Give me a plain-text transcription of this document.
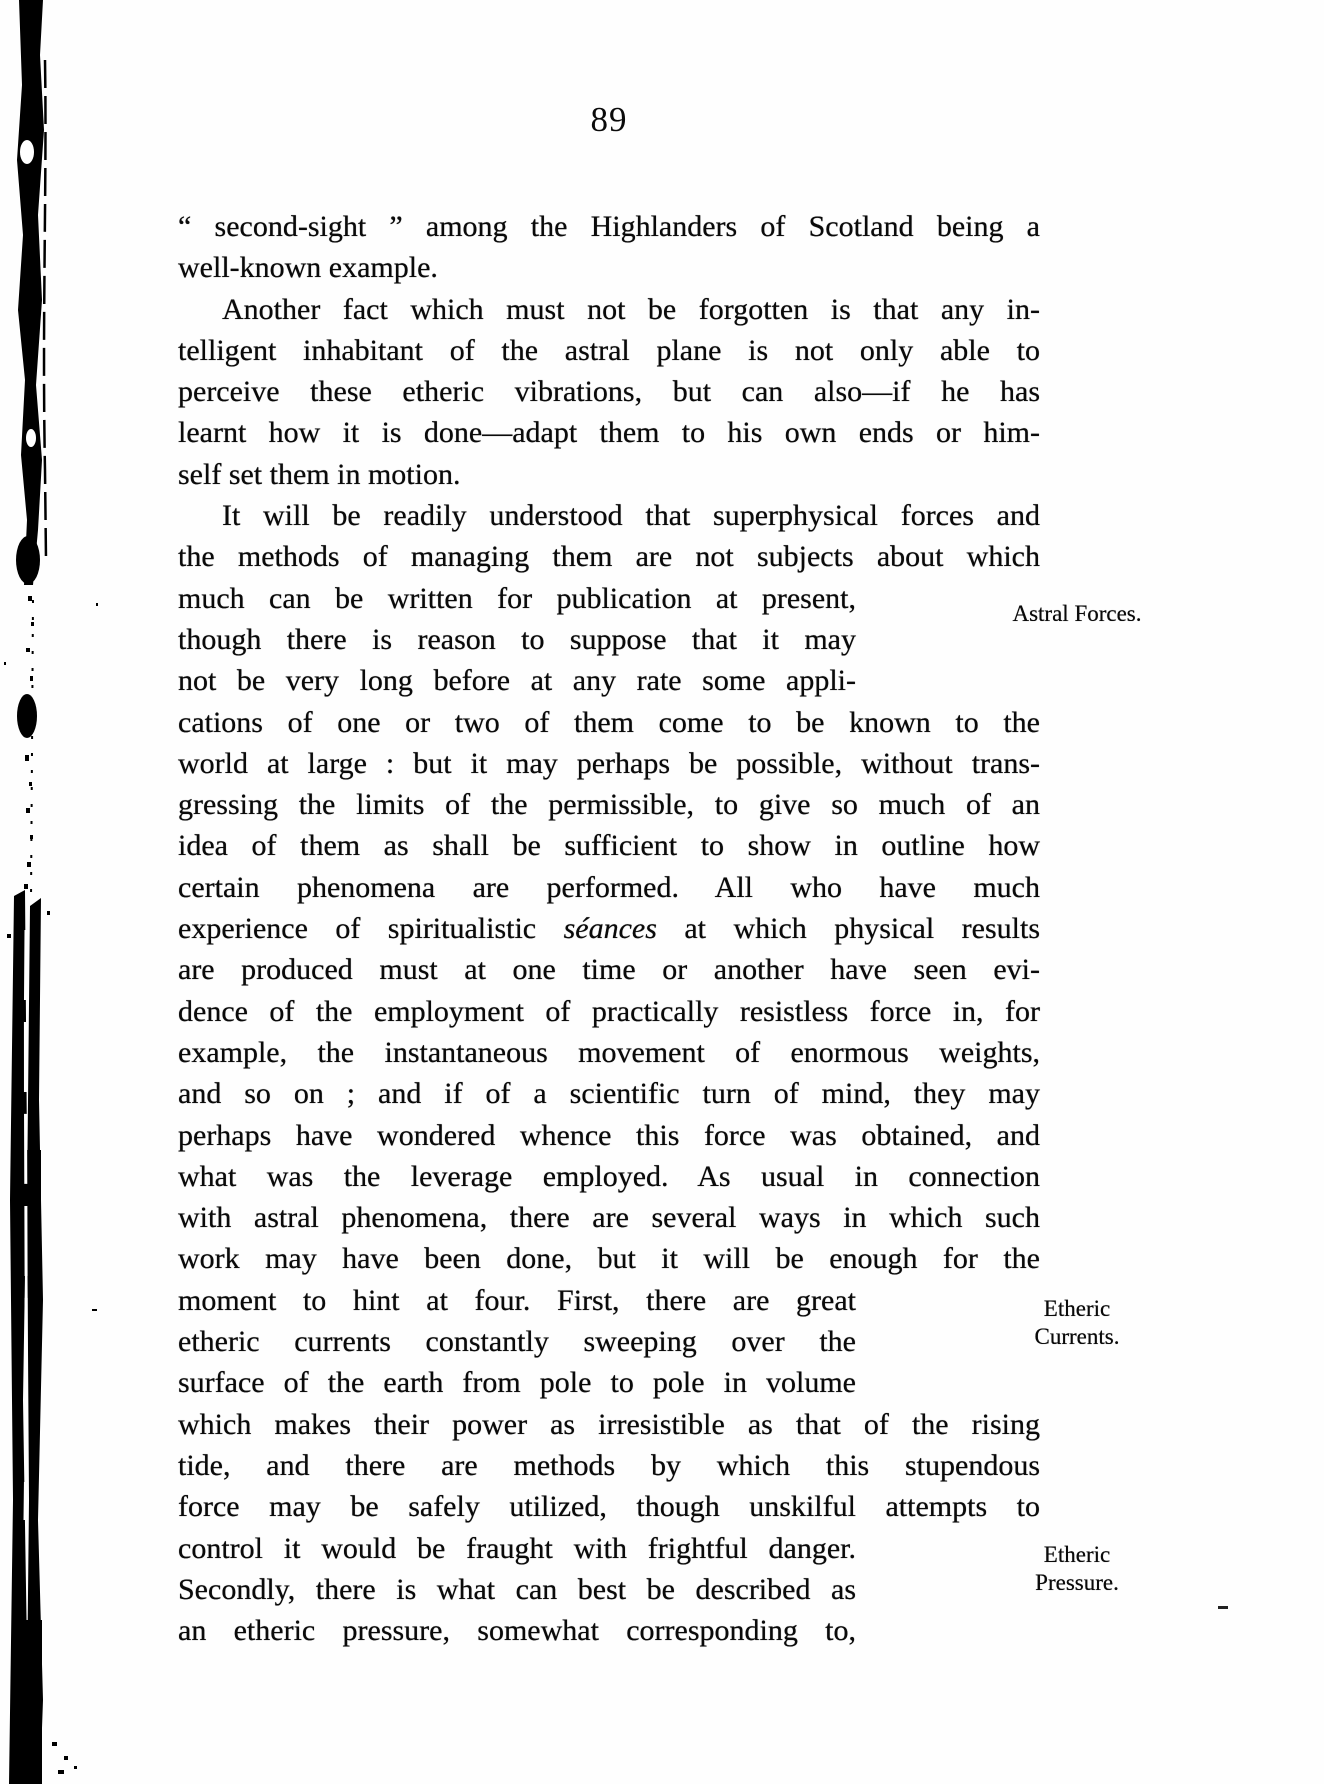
89
“ second-sight ” among the Highlanders of Scotland being a
well-known example.
Another fact which must not be forgotten is that any in-
telligent inhabitant of the astral plane is not only able to
perceive these etheric vibrations, but can also—if he has
learnt how it is done—adapt them to his own ends or him-
self set them in motion.
It will be readily understood that superphysical forces and
the methods of managing them are not subjects about which
much can be written for publication at present,
though there is reason to suppose that it may
not be very long before at any rate some appli-
cations of one or two of them come to be known to the
world at large : but it may perhaps be possible, without trans-
gressing the limits of the permissible, to give so much of an
idea of them as shall be sufficient to show in outline how
certain phenomena are performed. All who have much
experience of spiritualistic séances at which physical results
are produced must at one time or another have seen evi-
dence of the employment of practically resistless force in, for
example, the instantaneous movement of enormous weights,
and so on ; and if of a scientific turn of mind, they may
perhaps have wondered whence this force was obtained, and
what was the leverage employed. As usual in connection
with astral phenomena, there are several ways in which such
work may have been done, but it will be enough for the
moment to hint at four. First, there are great
etheric currents constantly sweeping over the
surface of the earth from pole to pole in volume
which makes their power as irresistible as that of the rising
tide, and there are methods by which this stupendous
force may be safely utilized, though unskilful attempts to
control it would be fraught with frightful danger.
Secondly, there is what can best be described as
an etheric pressure, somewhat corresponding to,
Astral Forces.
Etheric Currents.
Etheric Pressure.
